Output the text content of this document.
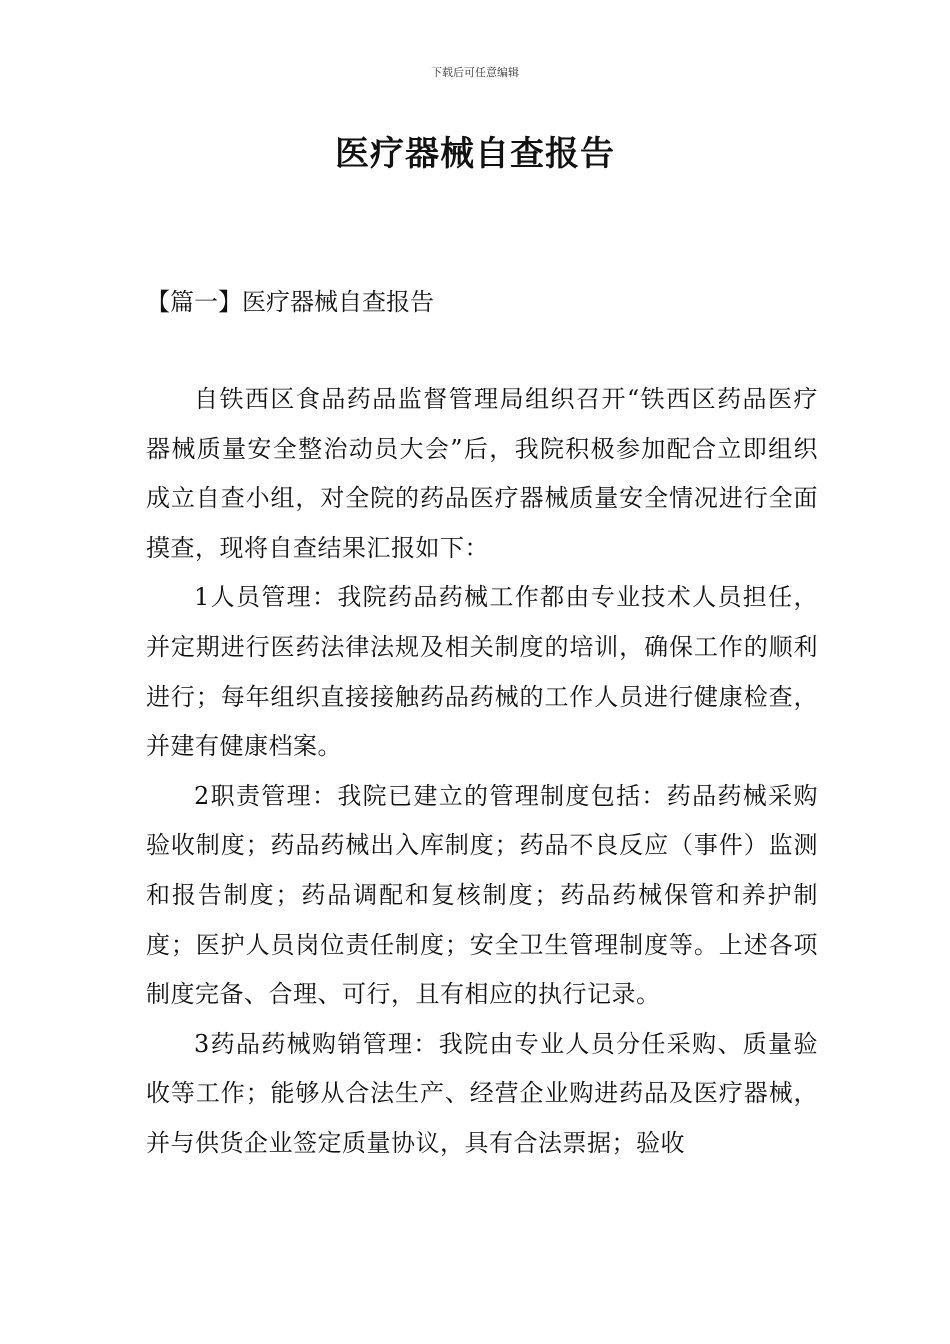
下载后可任意编辑
医疗器械自查报告
【篇一】医疗器械自查报告

自铁西区食品药品监督管理局组织召开“铁西区药品医疗器械质量安全整治动员大会”后，我院积极参加配合立即组织成立自查小组，对全院的药品医疗器械质量安全情况进行全面摸查，现将自查结果汇报如下：

1人员管理：我院药品药械工作都由专业技术人员担任，并定期进行医药法律法规及相关制度的培训，确保工作的顺利进行；每年组织直接接触药品药械的工作人员进行健康检查，并建有健康档案。

2职责管理：我院已建立的管理制度包括：药品药械采购验收制度；药品药械出入库制度；药品不良反应（事件）监测和报告制度；药品调配和复核制度；药品药械保管和养护制度；医护人员岗位责任制度；安全卫生管理制度等。上述各项制度完备、合理、可行，且有相应的执行记录。

3药品药械购销管理：我院由专业人员分任采购、质量验收等工作；能够从合法生产、经营企业购进药品及医疗器械，并与供货企业签定质量协议，具有合法票据；验收
